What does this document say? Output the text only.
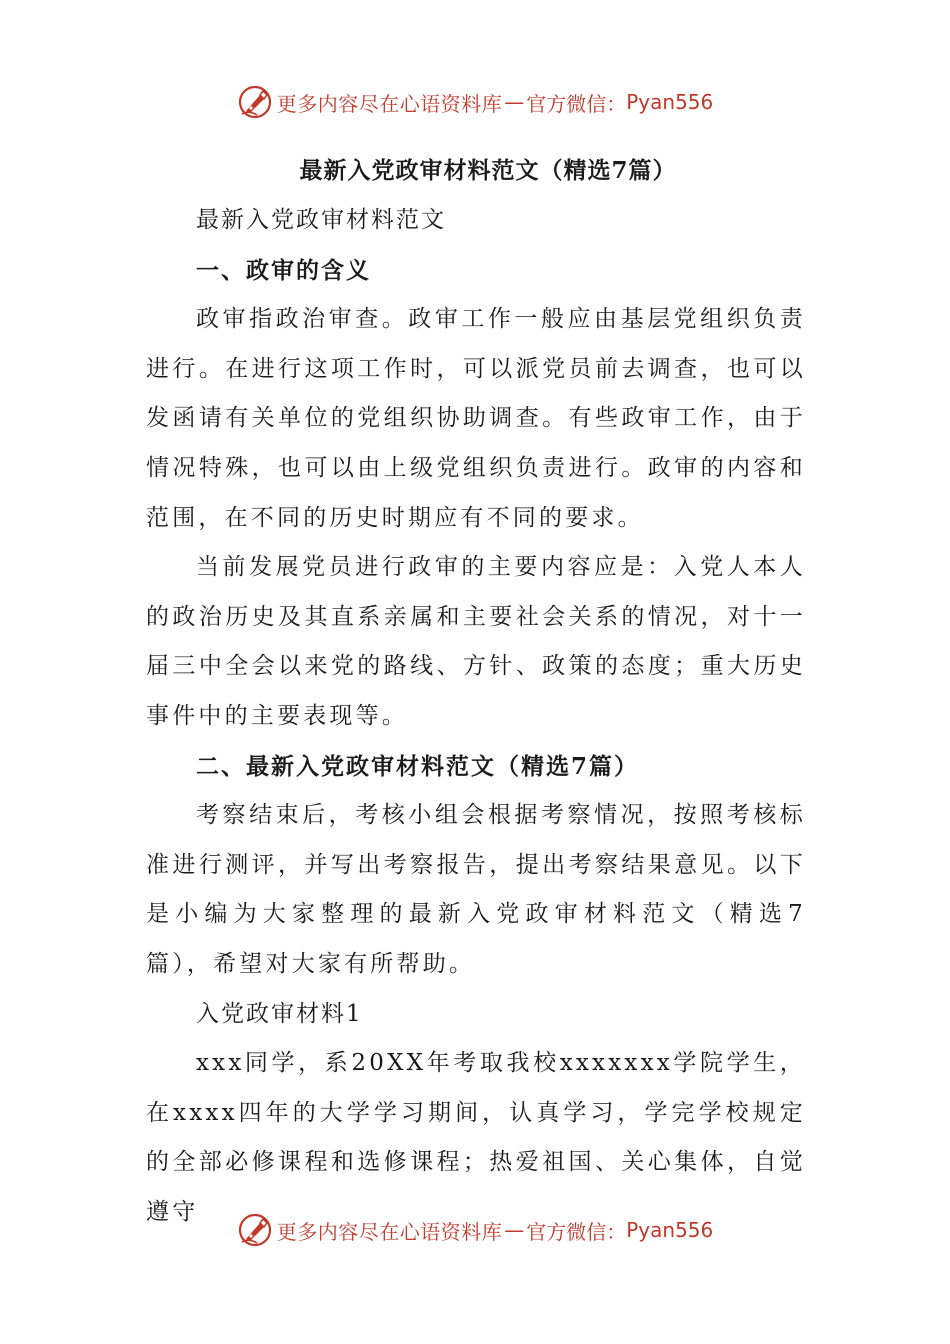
更多内容尽在心语资料库 — 官方微信： Pyan556
最新入党政审材料范文（精选7篇）

最新入党政审材料范文

一、政审的含义

政审指政治审查。政审工作一般应由基层党组织负责进行。在进行这项工作时，可以派党员前去调查，也可以发函请有关单位的党组织协助调查。有些政审工作，由于情况特殊，也可以由上级党组织负责进行。政审的内容和范围，在不同的历史时期应有不同的要求。

当前发展党员进行政审的主要内容应是：入党人本人的政治历史及其直系亲属和主要社会关系的情况，对十一届三中全会以来党的路线、方针、政策的态度；重大历史事件中的主要表现等。

二、最新入党政审材料范文（精选7篇）

考察结束后，考核小组会根据考察情况，按照考核标准进行测评，并写出考察报告，提出考察结果意见。以下是小编为大家整理的最新入党政审材料范文（精选7篇），希望对大家有所帮助。

入党政审材料1

xxx同学，系20XX年考取我校xxxxxxx学院学生，在xxxx四年的大学学习期间，认真学习，学完学校规定的全部必修课程和选修课程；热爱祖国、关心集体，自觉遵守

更多内容尽在心语资料库 — 官方微信： Pyan556
